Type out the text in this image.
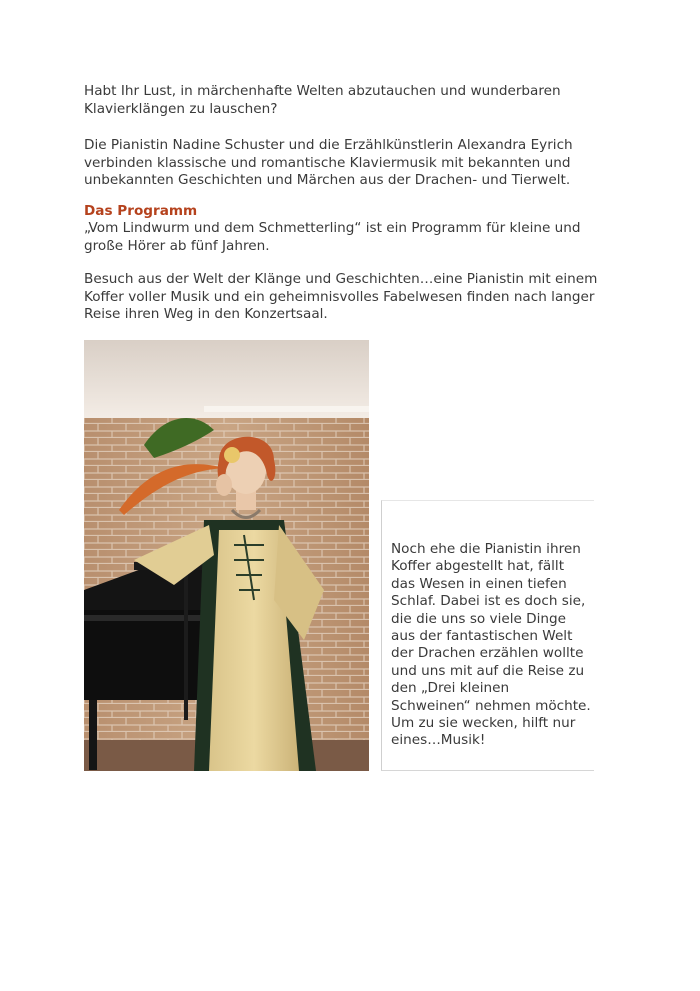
Habt Ihr Lust, in märchenhafte Welten abzutauchen und wunderbaren Klavierklängen zu lauschen?

Die Pianistin Nadine Schuster und die Erzählkünstlerin Alexandra Eyrich verbinden klassische und romantische Klaviermusik mit bekannten und unbekannten Geschichten und Märchen aus der Drachen- und Tierwelt.

Das Programm

„Vom Lindwurm und dem Schmetterling“ ist ein Programm für kleine und große Hörer ab fünf Jahren.

Besuch aus der Welt der Klänge und Geschichten…eine Pianistin mit einem Koffer voller Musik und ein geheimnisvolles Fabelwesen finden nach langer Reise ihren Weg in den Konzertsaal.

Noch ehe die Pianistin ihren Koffer abgestellt hat, fällt das Wesen in einen tiefen Schlaf. Dabei ist es doch sie, die die uns so viele Dinge aus der fantastischen Welt der Drachen erzählen wollte und uns mit auf die Reise zu den „Drei kleinen Schweinen“ nehmen möchte.
Um zu sie wecken, hilft nur eines…Musik!
